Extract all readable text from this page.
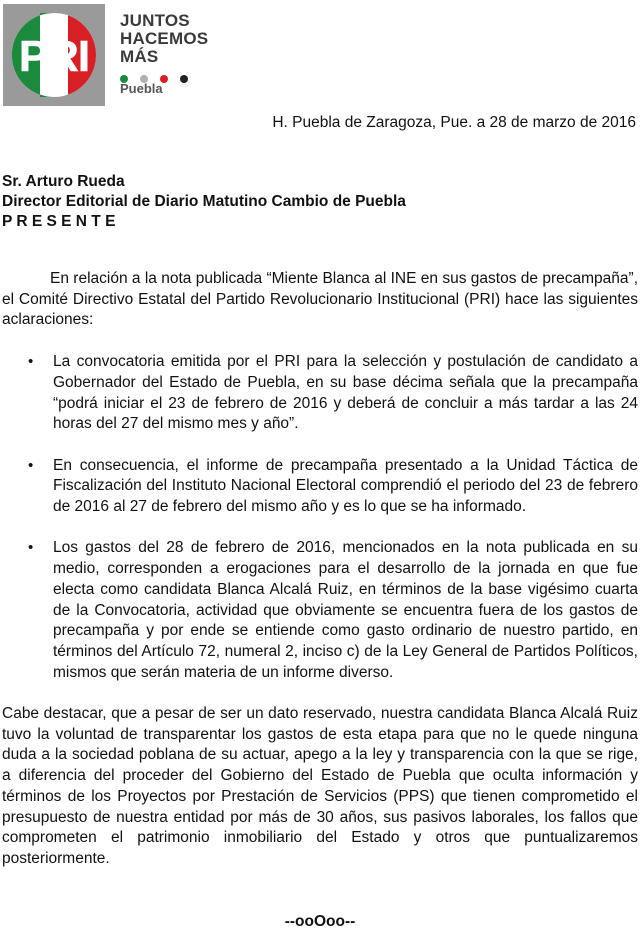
PRI
JUNTOS
HACEMOS
MÁS
Puebla
H. Puebla de Zaragoza, Pue. a 28 de marzo de 2016
Sr. Arturo Rueda
Director Editorial de Diario Matutino Cambio de Puebla
P R E S E N T E

En relación a la nota publicada “Miente Blanca al INE en sus gastos de precampaña”, el Comité Directivo Estatal del Partido Revolucionario Institucional (PRI) hace las siguientes aclaraciones:

• La convocatoria emitida por el PRI para la selección y postulación de candidato a Gobernador del Estado de Puebla, en su base décima señala que la precampaña “podrá iniciar el 23 de febrero de 2016 y deberá de concluir a más tardar a las 24 horas del 27 del mismo mes y año”.
• En consecuencia, el informe de precampaña presentado a la Unidad Táctica de Fiscalización del Instituto Nacional Electoral comprendió el periodo del 23 de febrero de 2016 al 27 de febrero del mismo año y es lo que se ha informado.
• Los gastos del 28 de febrero de 2016, mencionados en la nota publicada en su medio, corresponden a erogaciones para el desarrollo de la jornada en que fue electa como candidata Blanca Alcalá Ruiz, en términos de la base vigésimo cuarta de la Convocatoria, actividad que obviamente se encuentra fuera de los gastos de precampaña y por ende se entiende como gasto ordinario de nuestro partido, en términos del Artículo 72, numeral 2, inciso c) de la Ley General de Partidos Políticos, mismos que serán materia de un informe diverso.

Cabe destacar, que a pesar de ser un dato reservado, nuestra candidata Blanca Alcalá Ruiz tuvo la voluntad de transparentar los gastos de esta etapa para que no le quede ninguna duda a la sociedad poblana de su actuar, apego a la ley y transparencia con la que se rige, a diferencia del proceder del Gobierno del Estado de Puebla que oculta información y términos de los Proyectos por Prestación de Servicios (PPS) que tienen comprometido el presupuesto de nuestra entidad por más de 30 años, sus pasivos laborales, los fallos que comprometen el patrimonio inmobiliario del Estado y otros que puntualizaremos posteriormente.

--ooOoo--
